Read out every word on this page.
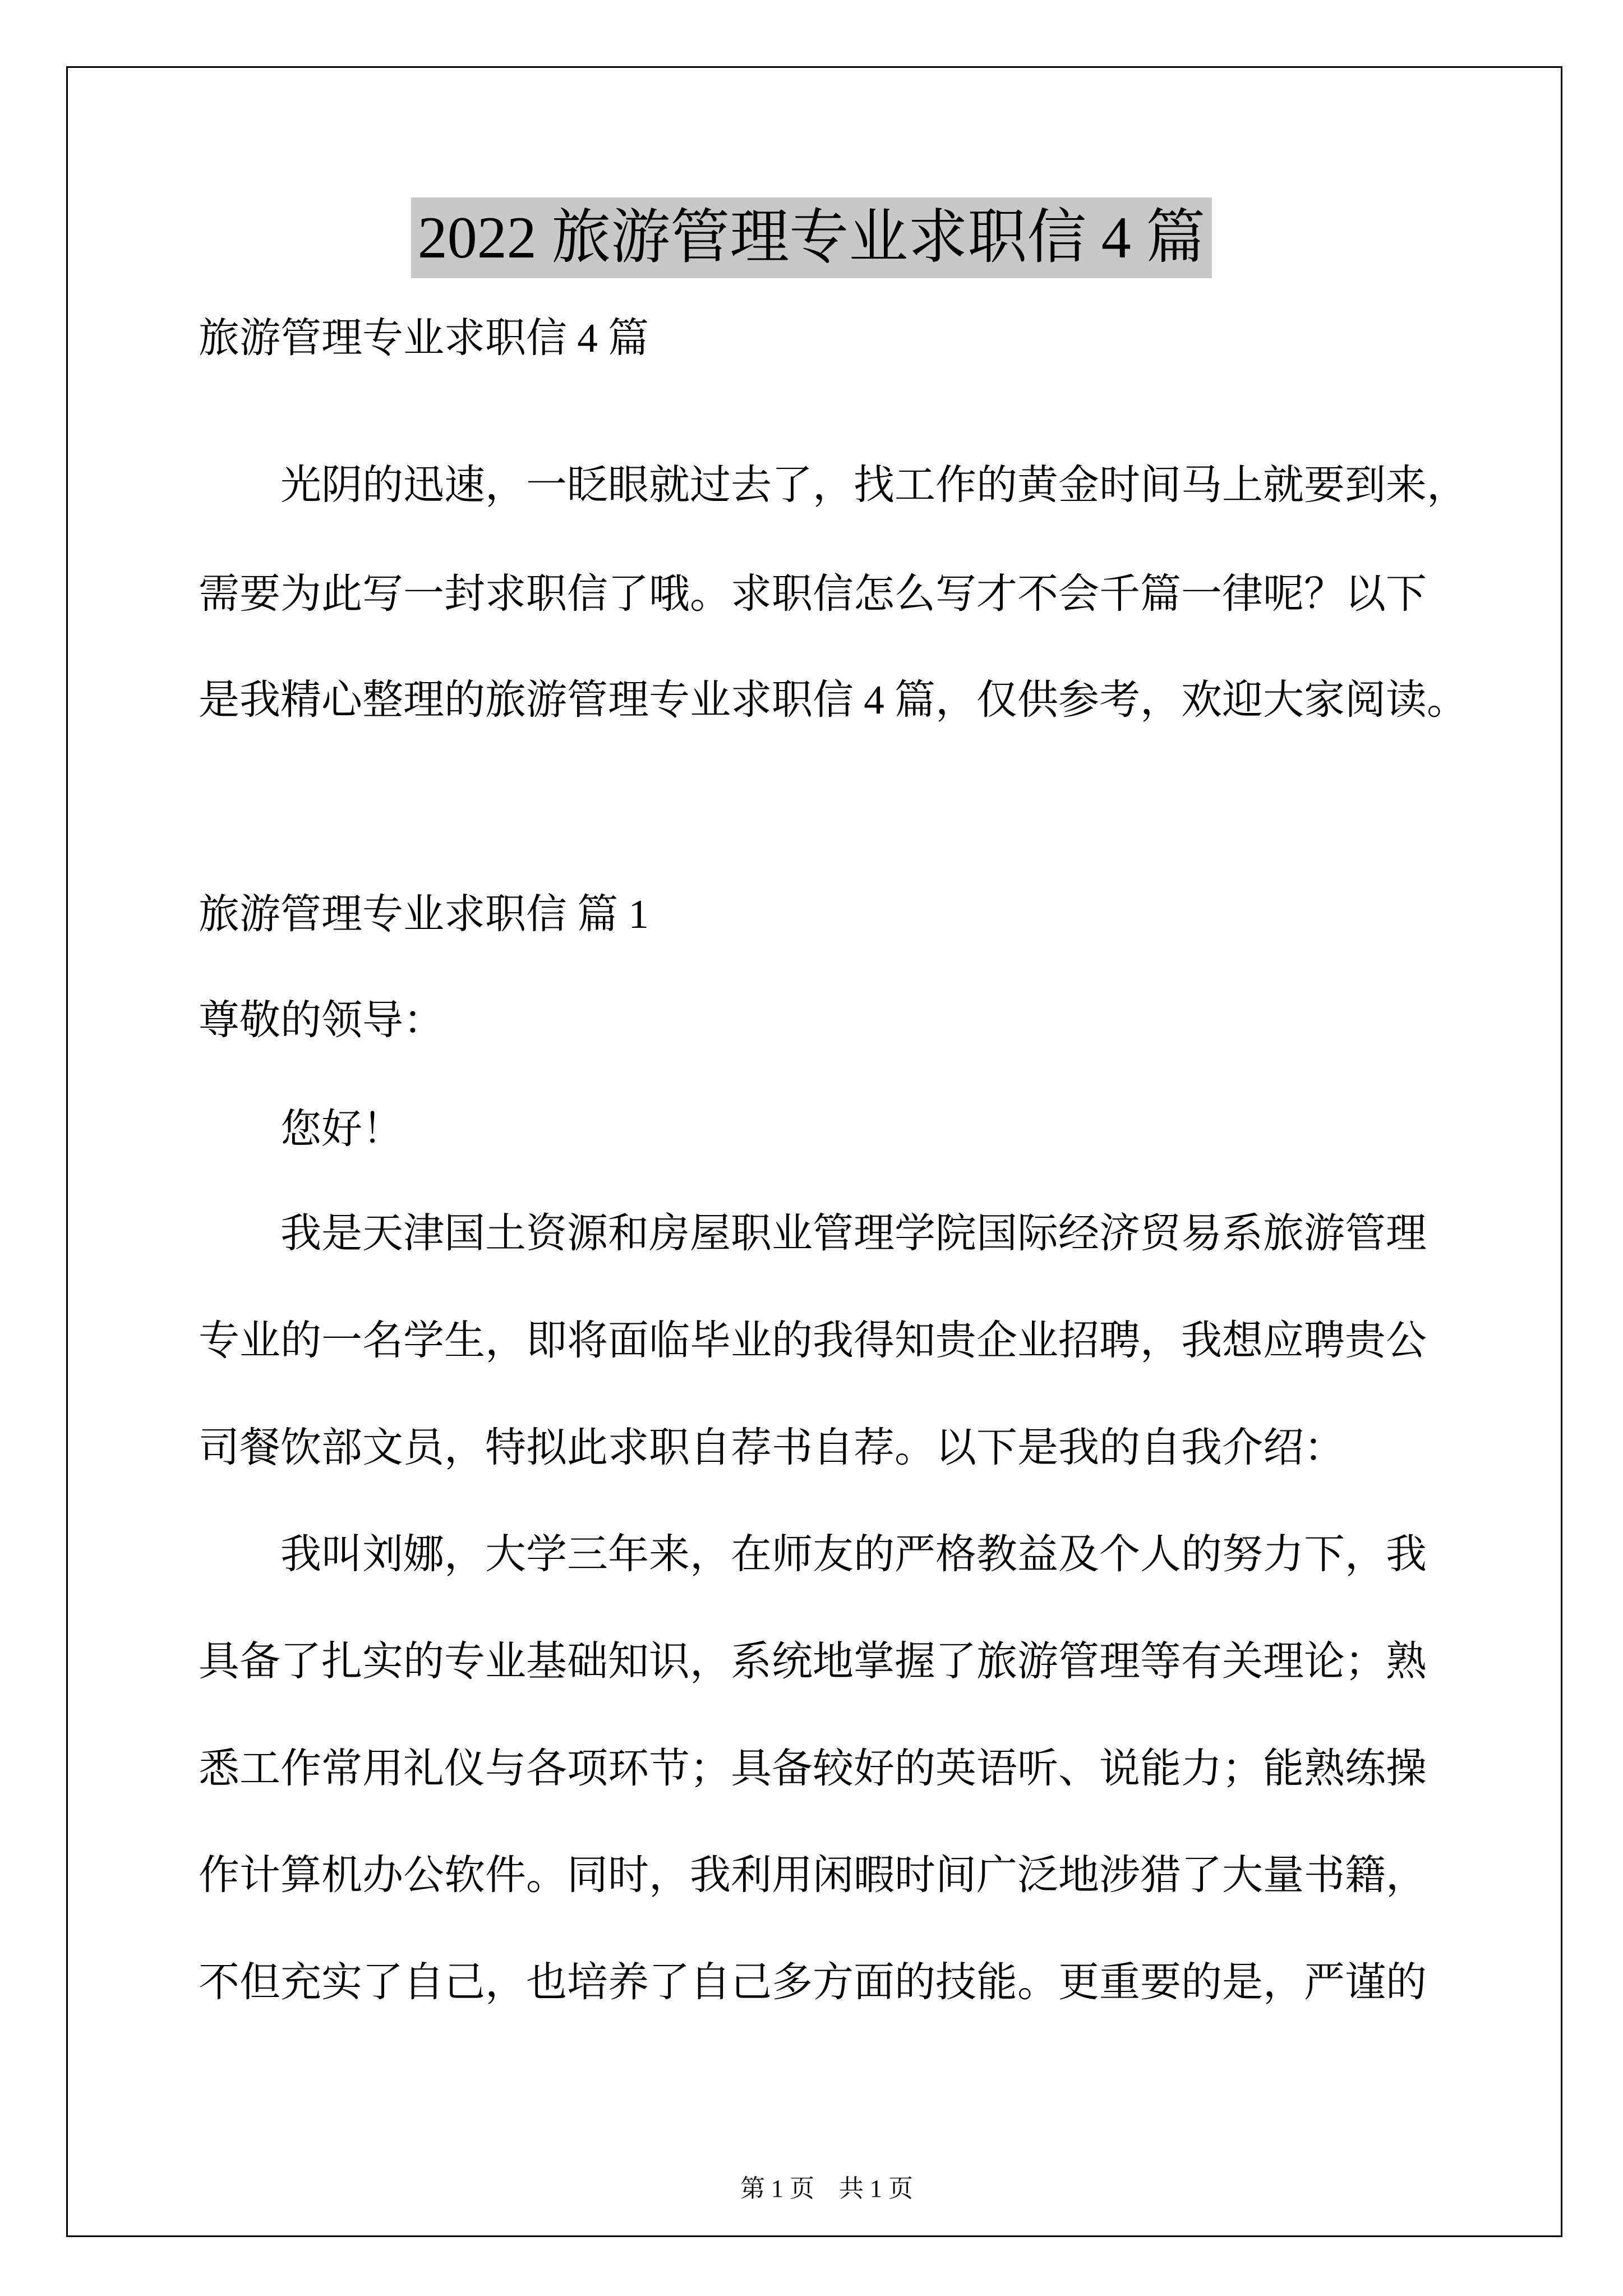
2022 旅游管理专业求职信 4 篇
旅游管理专业求职信 4 篇
光阴的迅速，一眨眼就过去了，找工作的黄金时间马上就要到来，
需要为此写一封求职信了哦。求职信怎么写才不会千篇一律呢？以下
是我精心整理的旅游管理专业求职信 4 篇，仅供参考，欢迎大家阅读。
旅游管理专业求职信 篇 1
尊敬的领导：
您好！
我是天津国土资源和房屋职业管理学院国际经济贸易系旅游管理
专业的一名学生，即将面临毕业的我得知贵企业招聘，我想应聘贵公
司餐饮部文员，特拟此求职自荐书自荐。以下是我的自我介绍：
我叫刘娜，大学三年来，在师友的严格教益及个人的努力下，我
具备了扎实的专业基础知识，系统地掌握了旅游管理等有关理论；熟
悉工作常用礼仪与各项环节；具备较好的英语听、说能力；能熟练操
作计算机办公软件。同时，我利用闲暇时间广泛地涉猎了大量书籍，
不但充实了自己，也培养了自己多方面的技能。更重要的是，严谨的

第 1 页 共 1 页
